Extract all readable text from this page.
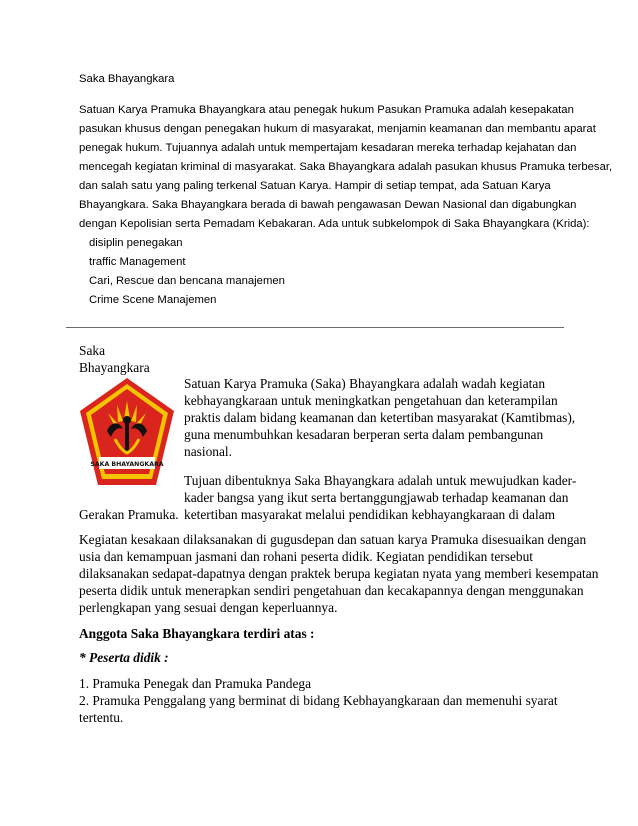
Saka Bhayangkara
Satuan Karya Pramuka Bhayangkara atau penegak hukum Pasukan Pramuka adalah kesepakatan
pasukan khusus dengan penegakan hukum di masyarakat, menjamin keamanan dan membantu aparat
penegak hukum. Tujuannya adalah untuk mempertajam kesadaran mereka terhadap kejahatan dan
mencegah kegiatan kriminal di masyarakat. Saka Bhayangkara adalah pasukan khusus Pramuka terbesar,
dan salah satu yang paling terkenal Satuan Karya. Hampir di setiap tempat, ada Satuan Karya
Bhayangkara. Saka Bhayangkara berada di bawah pengawasan Dewan Nasional dan digabungkan
dengan Kepolisian serta Pemadam Kebakaran. Ada untuk subkelompok di Saka Bhayangkara (Krida):
disiplin penegakan
traffic Management
Cari, Rescue dan bencana manajemen
Crime Scene Manajemen
Saka
Bhayangkara
SAKA BHAYANGKARA
Satuan Karya Pramuka (Saka) Bhayangkara adalah wadah kegiatan
kebhayangkaraan untuk meningkatkan pengetahuan dan keterampilan
praktis dalam bidang keamanan dan ketertiban masyarakat (Kamtibmas),
guna menumbuhkan kesadaran berperan serta dalam pembangunan
nasional.
Tujuan dibentuknya Saka Bhayangkara adalah untuk mewujudkan kader-
kader bangsa yang ikut serta bertanggungjawab terhadap keamanan dan
ketertiban masyarakat melalui pendidikan kebhayangkaraan di dalam
Gerakan Pramuka.
Kegiatan kesakaan dilaksanakan di gugusdepan dan satuan karya Pramuka disesuaikan dengan
usia dan kemampuan jasmani dan rohani peserta didik. Kegiatan pendidikan tersebut
dilaksanakan sedapat-dapatnya dengan praktek berupa kegiatan nyata yang memberi kesempatan
peserta didik untuk menerapkan sendiri pengetahuan dan kecakapannya dengan menggunakan
perlengkapan yang sesuai dengan keperluannya.
Anggota Saka Bhayangkara terdiri atas :
* Peserta didik :
1. Pramuka Penegak dan Pramuka Pandega
2. Pramuka Penggalang yang berminat di bidang Kebhayangkaraan dan memenuhi syarat
tertentu.
